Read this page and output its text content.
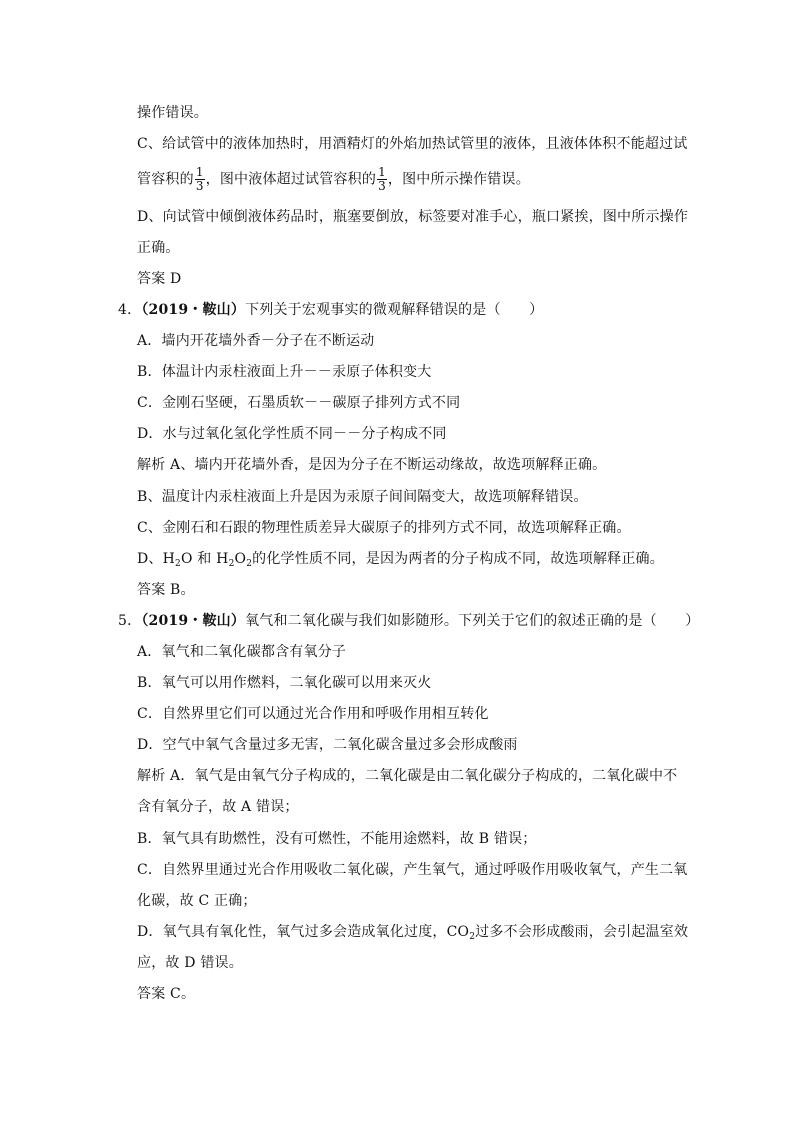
操作错误。
C、给试管中的液体加热时，用酒精灯的外焰加热试管里的液体，且液体体积不能超过试
管容积的 $\frac{1}{3}$ ，图中液体超过试管容积的 $\frac{1}{3}$ ，图中所示操作错误。
D、向试管中倾倒液体药品时，瓶塞要倒放，标签要对准手心，瓶口紧挨，图中所示操作
正确。
答案 D
4．（2019・鞍山）下列关于宏观事实的微观解释错误的是（　　）
A．墙内开花墙外香－分子在不断运动
B．体温计内汞柱液面上升－－汞原子体积变大
C．金刚石坚硬，石墨质软－－碳原子排列方式不同
D．水与过氧化氢化学性质不同－－分子构成不同
解析 A、墙内开花墙外香，是因为分子在不断运动缘故，故选项解释正确。
B、温度计内汞柱液面上升是因为汞原子间间隔变大，故选项解释错误。
C、金刚石和石跟的物理性质差异大碳原子的排列方式不同，故选项解释正确。
D、$H_2O$ 和 $H_2O_2$的化学性质不同，是因为两者的分子构成不同，故选项解释正确。
答案 B。
5．（2019・鞍山）氧气和二氧化碳与我们如影随形。下列关于它们的叙述正确的是（　　）
A．氧气和二氧化碳都含有氧分子
B．氧气可以用作燃料，二氧化碳可以用来灭火
C．自然界里它们可以通过光合作用和呼吸作用相互转化
D．空气中氧气含量过多无害，二氧化碳含量过多会形成酸雨
解析 A．氧气是由氧气分子构成的，二氧化碳是由二氧化碳分子构成的，二氧化碳中不
含有氧分子，故 A 错误；
B．氧气具有助燃性，没有可燃性，不能用途燃料，故 B 错误；
C．自然界里通过光合作用吸收二氧化碳，产生氧气，通过呼吸作用吸收氧气，产生二氧
化碳，故 C 正确；
D．氧气具有氧化性，氧气过多会造成氧化过度，$CO_2$过多不会形成酸雨，会引起温室效
应，故 D 错误。
答案 C。
